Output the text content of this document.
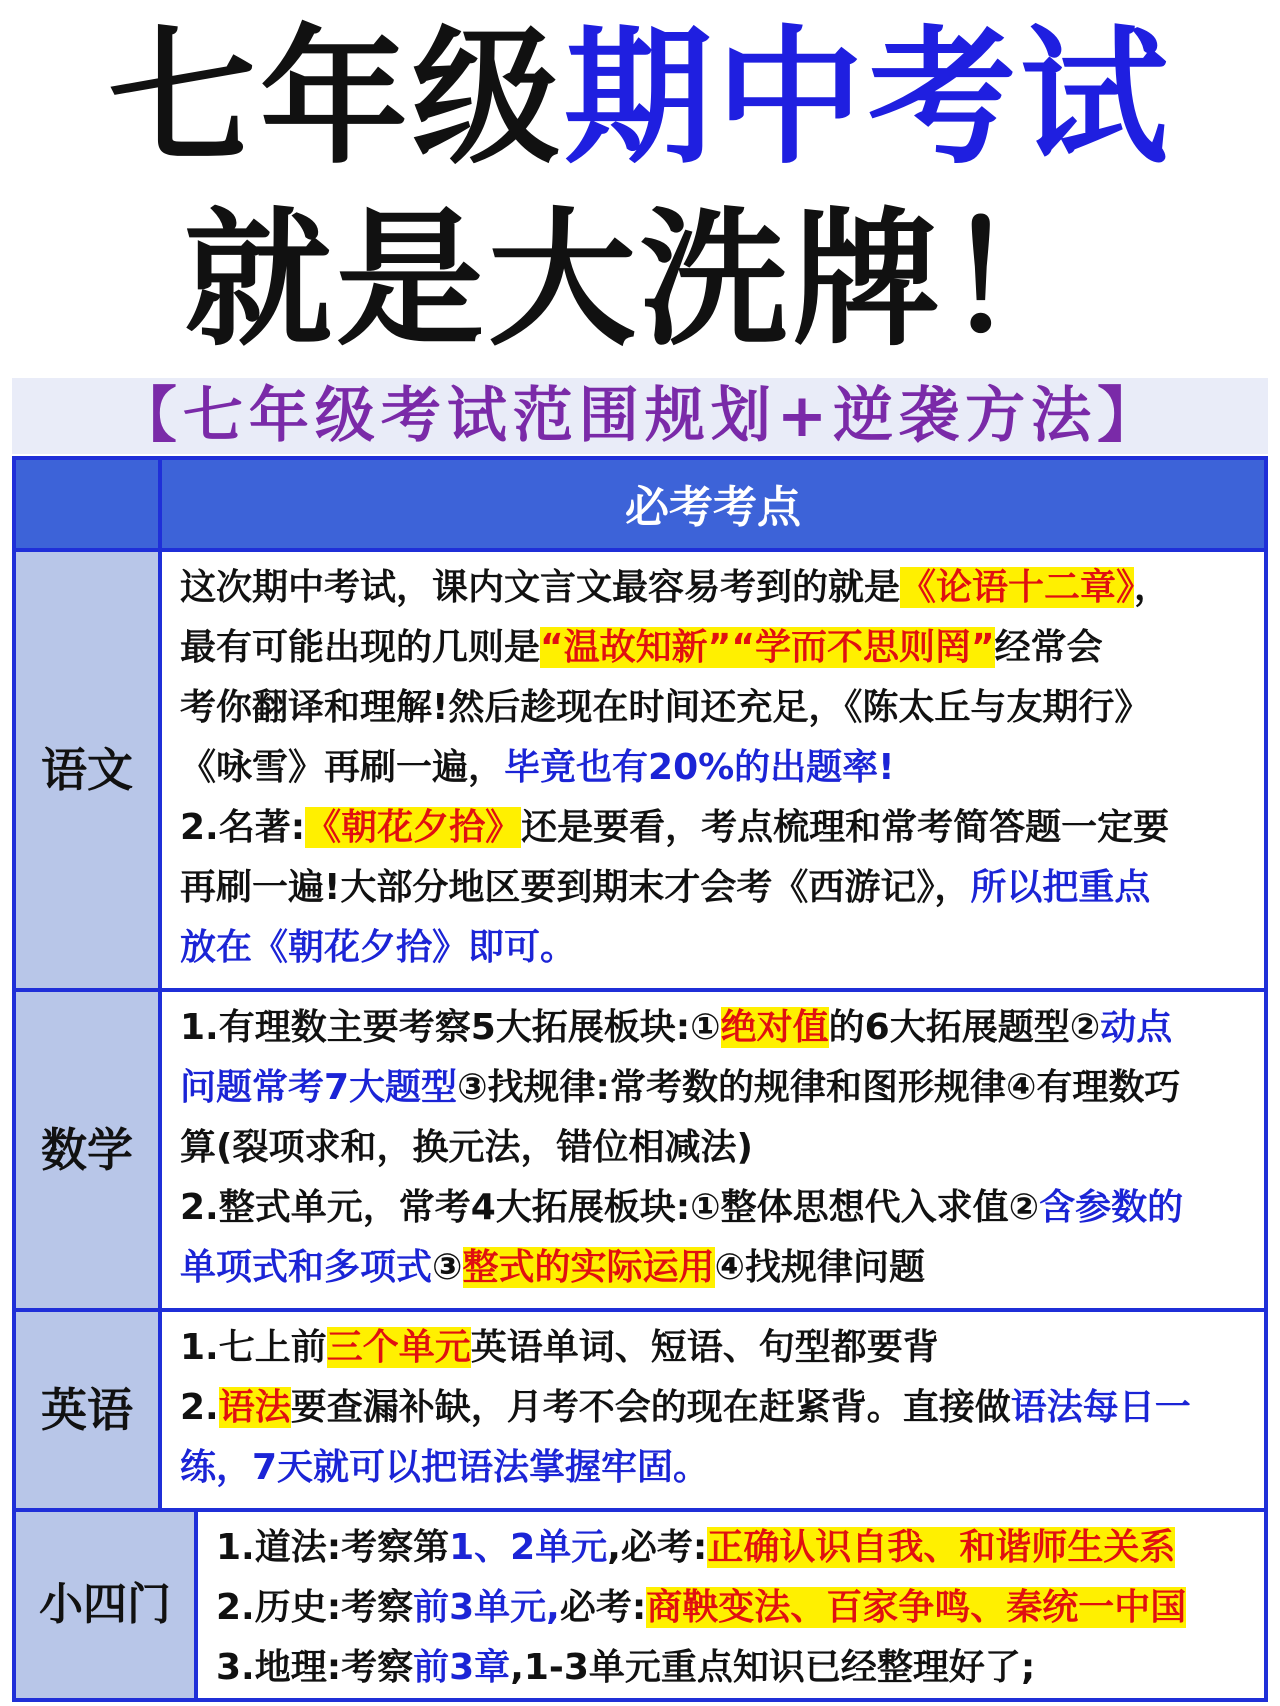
七年级期中考试
就是大洗牌！
【七年级考试范围规划+逆袭方法】
必考考点
语文
这次期中考试，课内文言文最容易考到的就是《论语十二章》，
最有可能出现的几则是“温故知新”“学而不思则罔”经常会
考你翻译和理解!然后趁现在时间还充足，《陈太丘与友期行》
《咏雪》再刷一遍，毕竟也有20%的出题率!
2.名著:《朝花夕拾》还是要看，考点梳理和常考简答题一定要
再刷一遍!大部分地区要到期末才会考《西游记》，所以把重点
放在《朝花夕拾》即可。
数学
1.有理数主要考察5大拓展板块:①绝对值的6大拓展题型②动点
问题常考7大题型③找规律:常考数的规律和图形规律④有理数巧
算(裂项求和，换元法，错位相减法)
2.整式单元，常考4大拓展板块:①整体思想代入求值②含参数的
单项式和多项式③整式的实际运用④找规律问题
英语
1.七上前三个单元英语单词、短语、句型都要背
2.语法要查漏补缺，月考不会的现在赶紧背。直接做语法每日一
练，7天就可以把语法掌握牢固。
小四门
1.道法:考察第1、2单元,必考:正确认识自我、和谐师生关系
2.历史:考察前3单元,必考:商鞅变法、百家争鸣、秦统一中国
3.地理:考察前3章,1-3单元重点知识已经整理好了;
